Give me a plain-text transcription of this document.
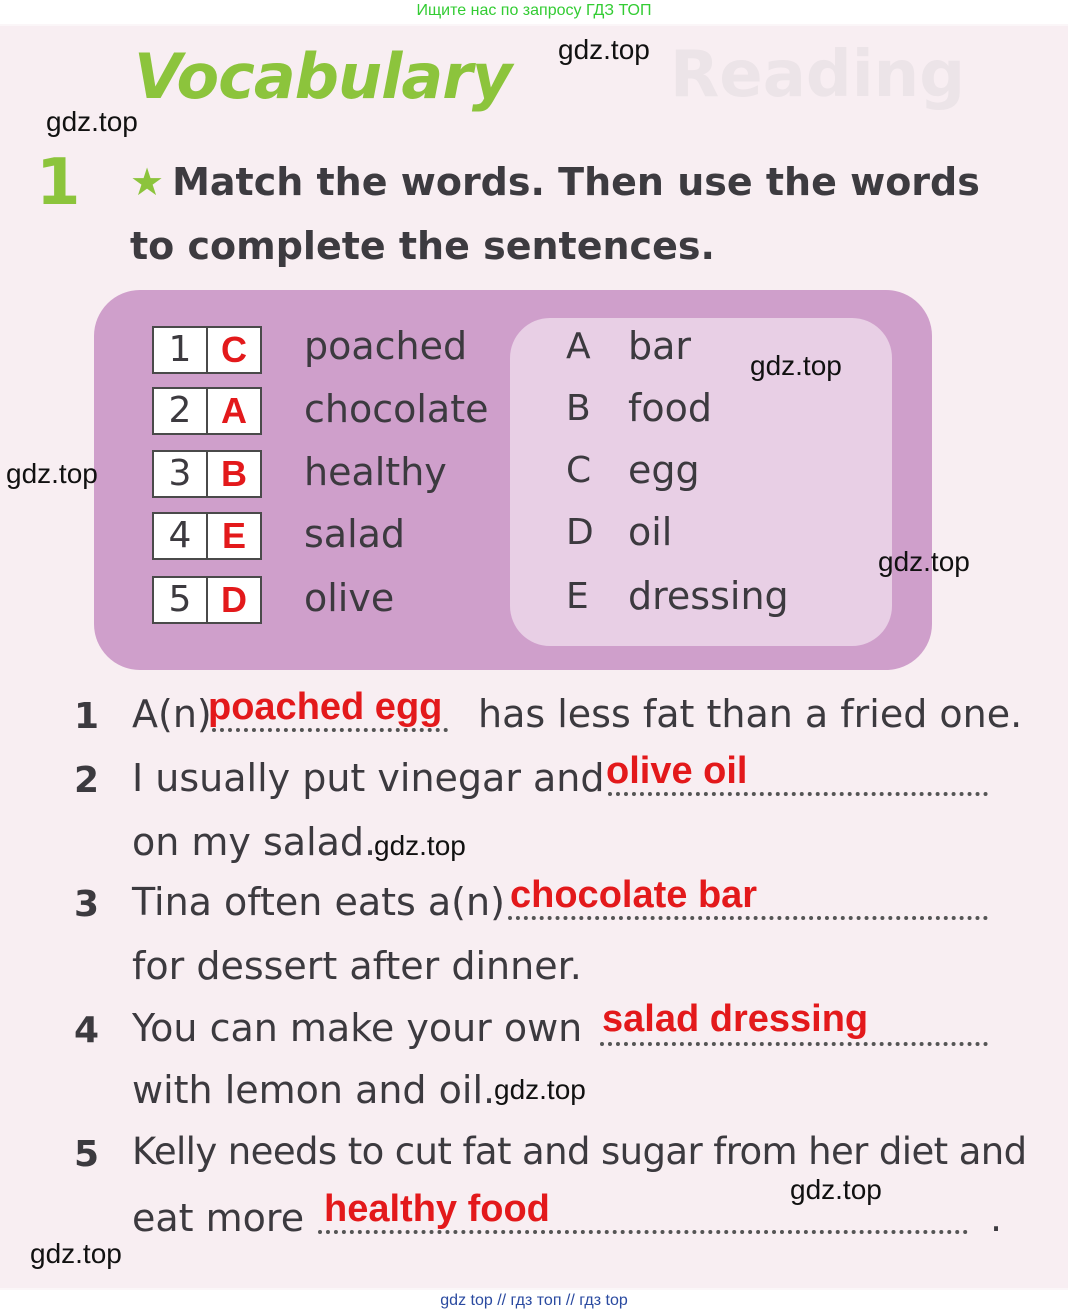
Ищите нас по запросу ГДЗ ТОП
Reading
Vocabulary
1 ★ Match the words. Then use the words to complete the sentences.
1 C
2 A
3 B
4 E
5 D
poached
chocolate
healthy
salad
olive
A
B
C
D
E
bar
food
egg
oil
dressing
1 A(n)
poached egg has less fat than a fried one.
2 I usually put vinegar and olive oil
on my salad.
3 Tina often eats a(n) chocolate bar
for dessert after dinner.
4 You can make your own salad dressing
with lemon and oil.
5 Kelly needs to cut fat and sugar from her diet and
eat more healthy food	.
gdz.top
gdz.top
gdz.top
gdz.top
gdz.top
gdz.top
gdz.top
gdz.top
gdz.top
gdz top // гдз топ // гдз top
